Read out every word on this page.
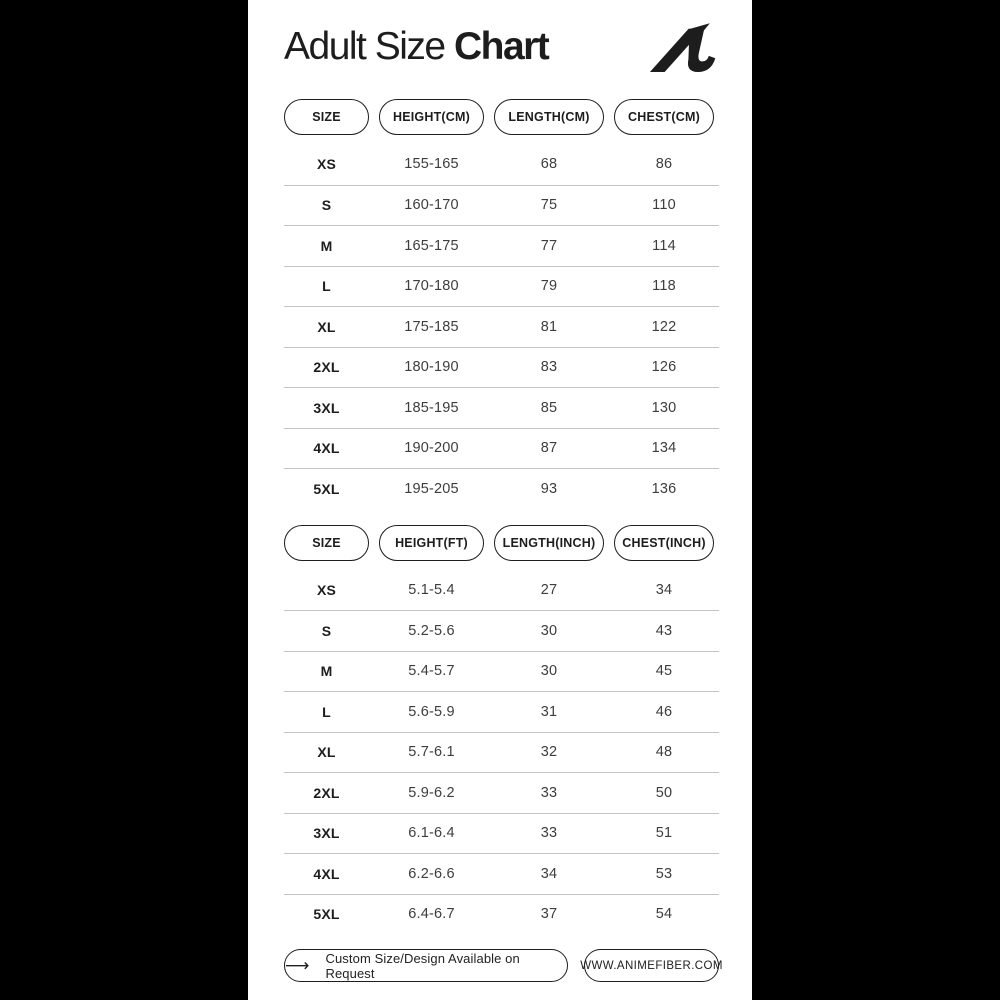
Adult Size Chart
SIZE	HEIGHT(CM)	LENGTH(CM)	CHEST(CM)
XS	155-165	68	86
S	160-170	75	110
M	165-175	77	114
L	170-180	79	118
XL	175-185	81	122
2XL	180-190	83	126
3XL	185-195	85	130
4XL	190-200	87	134
5XL	195-205	93	136
SIZE	HEIGHT(FT)	LENGTH(INCH)	CHEST(INCH)
XS	5.1-5.4	27	34
S	5.2-5.6	30	43
M	5.4-5.7	30	45
L	5.6-5.9	31	46
XL	5.7-6.1	32	48
2XL	5.9-6.2	33	50
3XL	6.1-6.4	33	51
4XL	6.2-6.6	34	53
5XL	6.4-6.7	37	54
⟶ Custom Size/Design Available on Request	WWW.ANIMEFIBER.COM
